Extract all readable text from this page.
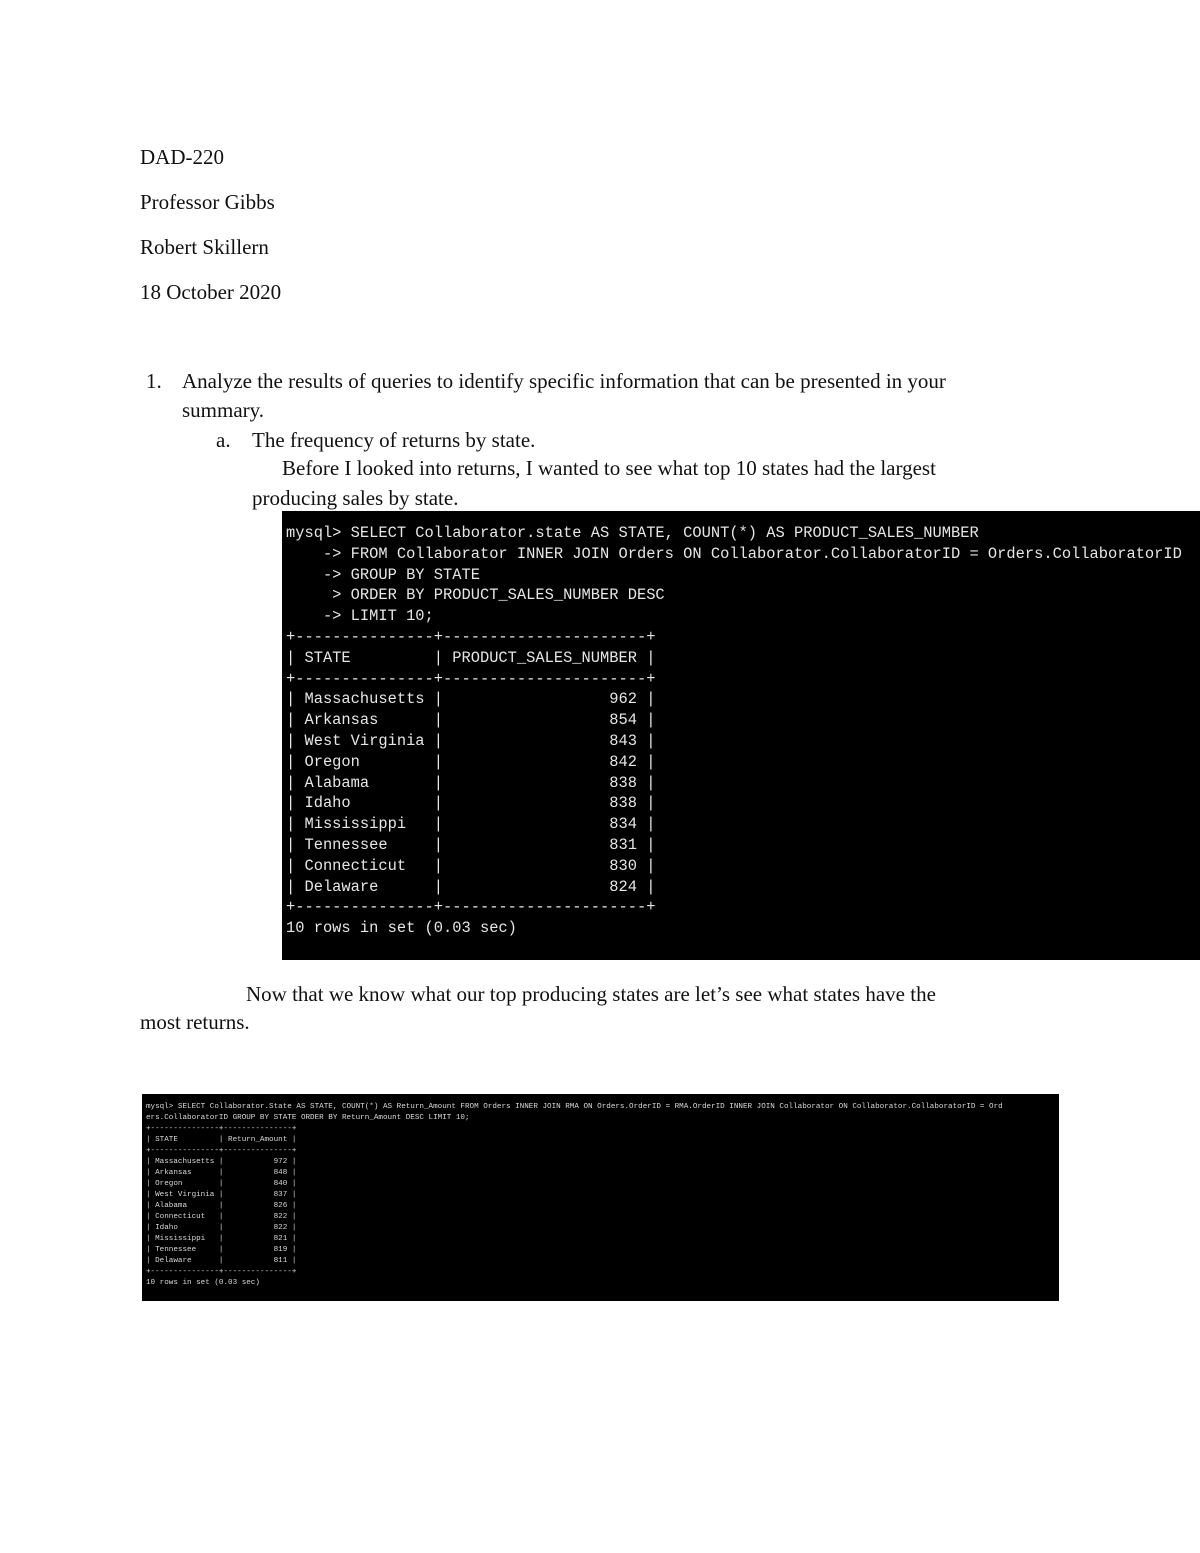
DAD-220
Professor Gibbs
Robert Skillern
18 October 2020
1. Analyze the results of queries to identify specific information that can be presented in your
summary.
a. The frequency of returns by state.
Before I looked into returns, I wanted to see what top 10 states had the largest
producing sales by state.
mysql> SELECT Collaborator.state AS STATE, COUNT(*) AS PRODUCT_SALES_NUMBER
-> FROM Collaborator INNER JOIN Orders ON Collaborator.CollaboratorID = Orders.CollaboratorID
-> GROUP BY STATE
> ORDER BY PRODUCT_SALES_NUMBER DESC
-> LIMIT 10;
+---------------+----------------------+
| STATE         | PRODUCT_SALES_NUMBER |
+---------------+----------------------+
| Massachusetts |                  962 |
| Arkansas      |                  854 |
| West Virginia |                  843 |
| Oregon        |                  842 |
| Alabama       |                  838 |
| Idaho         |                  838 |
| Mississippi   |                  834 |
| Tennessee     |                  831 |
| Connecticut   |                  830 |
| Delaware      |                  824 |
+---------------+----------------------+
10 rows in set (0.03 sec)
Now that we know what our top producing states are let’s see what states have the
most returns.
mysql> SELECT Collaborator.State AS STATE, COUNT(*) AS Return_Amount FROM Orders INNER JOIN RMA ON Orders.OrderID = RMA.OrderID INNER JOIN Collaborator ON Collaborator.CollaboratorID = Ord
ers.CollaboratorID GROUP BY STATE ORDER BY Return_Amount DESC LIMIT 10;
+---------------+---------------+
| STATE         | Return_Amount |
+---------------+---------------+
| Massachusetts |           972 |
| Arkansas      |           848 |
| Oregon        |           840 |
| West Virginia |           837 |
| Alabama       |           826 |
| Connecticut   |           822 |
| Idaho         |           822 |
| Mississippi   |           821 |
| Tennessee     |           819 |
| Delaware      |           811 |
+---------------+---------------+
10 rows in set (0.03 sec)
